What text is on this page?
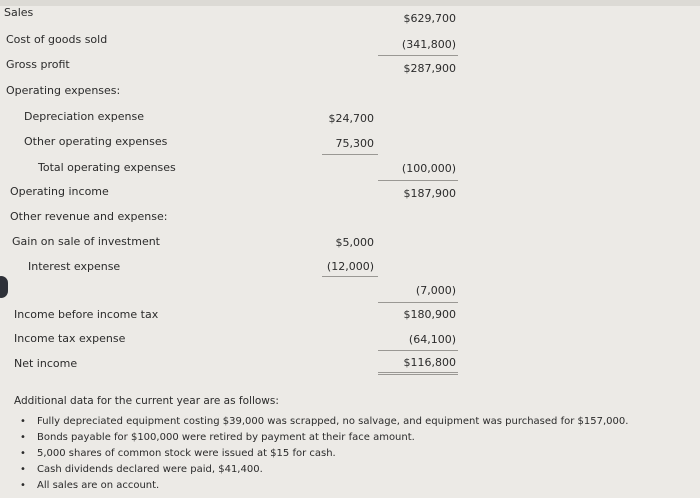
Sales
Cost of goods sold
Gross profit
Operating expenses:
Depreciation expense
Other operating expenses
Total operating expenses
Operating income
Other revenue and expense:
Gain on sale of investment
Interest expense
Income before income tax
Income tax expense
Net income
$24,700
75,300
$5,000
(12,000)
$629,700
(341,800)
$287,900
(100,000)
$187,900
(7,000)
$180,900
(64,100)
$116,800
Additional data for the current year are as follows:
• Fully depreciated equipment costing $39,000 was scrapped, no salvage, and equipment was purchased for $157,000.
• Bonds payable for $100,000 were retired by payment at their face amount.
• 5,000 shares of common stock were issued at $15 for cash.
• Cash dividends declared were paid, $41,400.
• All sales are on account.
